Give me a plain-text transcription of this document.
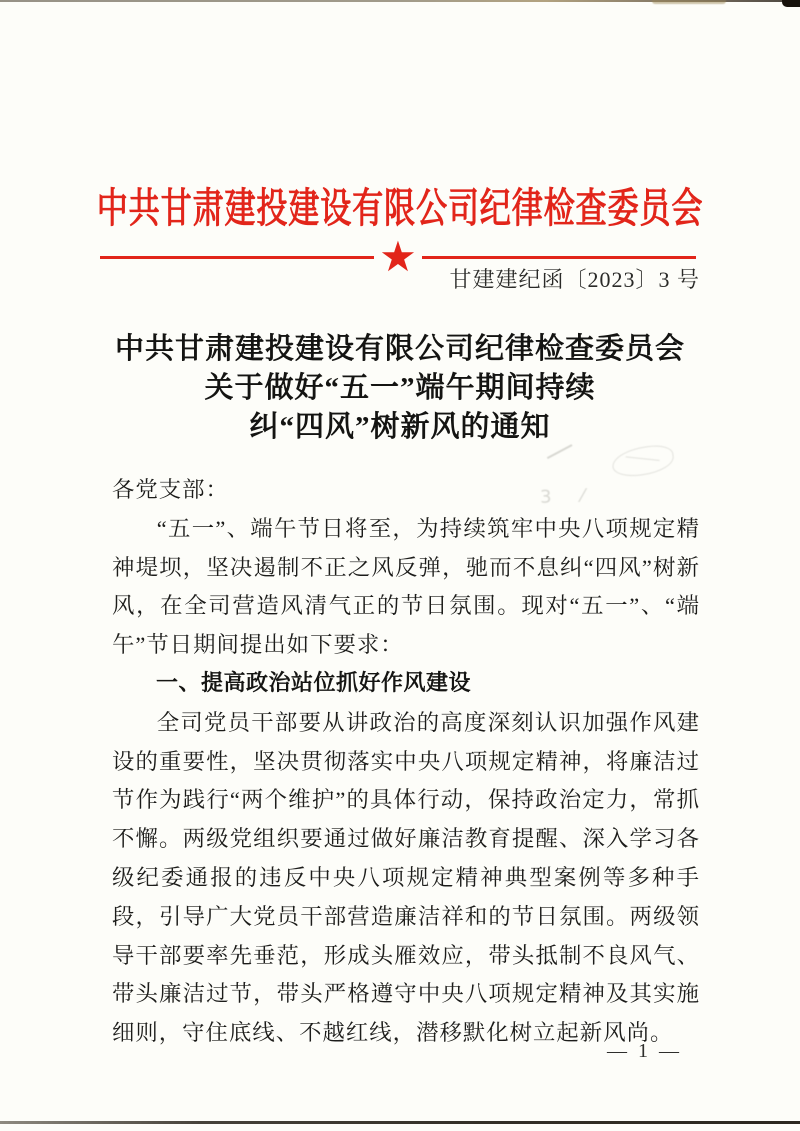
中共甘肃建投建设有限公司纪律检查委员会
★ 甘建建纪函〔2023〕3 号
中共甘肃建投建设有限公司纪律检查委员会
关于做好“五一”端午期间持续
纠“四风”树新风的通知
3 ⁄

各党支部：

“五一”、端午节日将至，为持续筑牢中央八项规定精神堤坝，坚决遏制不正之风反弹，驰而不息纠“四风”树新风，在全司营造风清气正的节日氛围。现对“五一”、“端午”节日期间提出如下要求：

一、提高政治站位抓好作风建设

全司党员干部要从讲政治的高度深刻认识加强作风建设的重要性，坚决贯彻落实中央八项规定精神，将廉洁过节作为践行“两个维护”的具体行动，保持政治定力，常抓不懈。两级党组织要通过做好廉洁教育提醒、深入学习各级纪委通报的违反中央八项规定精神典型案例等多种手段，引导广大党员干部营造廉洁祥和的节日氛围。两级领导干部要率先垂范，形成头雁效应，带头抵制不良风气、带头廉洁过节，带头严格遵守中央八项规定精神及其实施细则，守住底线、不越红线，潜移默化树立起新风尚。

— 1 —
